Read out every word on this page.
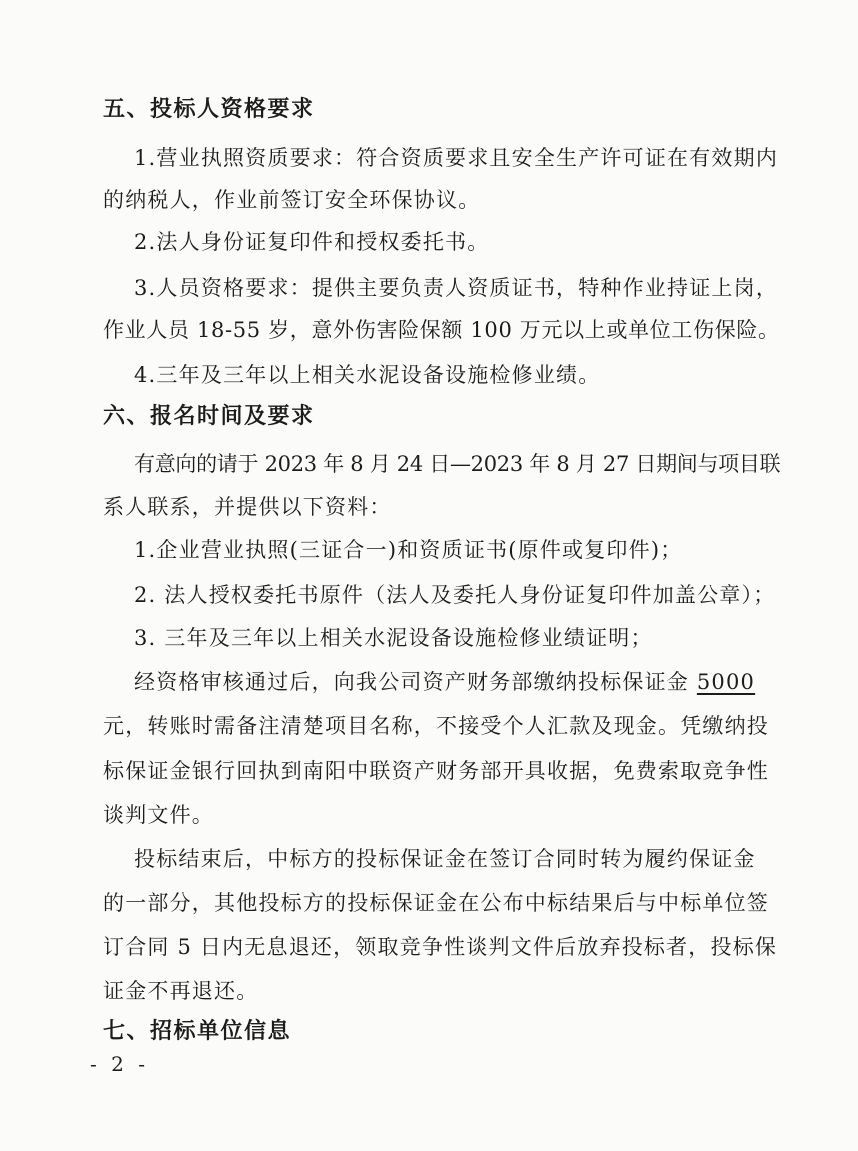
五、投标人资格要求
1.营业执照资质要求：符合资质要求且安全生产许可证在有效期内
的纳税人，作业前签订安全环保协议。
2.法人身份证复印件和授权委托书。
3.人员资格要求：提供主要负责人资质证书，特种作业持证上岗，
作业人员 18-55 岁，意外伤害险保额 100 万元以上或单位工伤保险。
4.三年及三年以上相关水泥设备设施检修业绩。
六、报名时间及要求
有意向的请于 2023 年 8 月 24 日—2023 年 8 月 27 日期间与项目联
系人联系，并提供以下资料：
1.企业营业执照(三证合一)和资质证书(原件或复印件)；
2. 法人授权委托书原件（法人及委托人身份证复印件加盖公章）；
3. 三年及三年以上相关水泥设备设施检修业绩证明；
经资格审核通过后，向我公司资产财务部缴纳投标保证金 5000
元，转账时需备注清楚项目名称，不接受个人汇款及现金。凭缴纳投
标保证金银行回执到南阳中联资产财务部开具收据，免费索取竞争性
谈判文件。
投标结束后，中标方的投标保证金在签订合同时转为履约保证金
的一部分，其他投标方的投标保证金在公布中标结果后与中标单位签
订合同 5 日内无息退还，领取竞争性谈判文件后放弃投标者，投标保
证金不再退还。
七、招标单位信息
- 2 -
